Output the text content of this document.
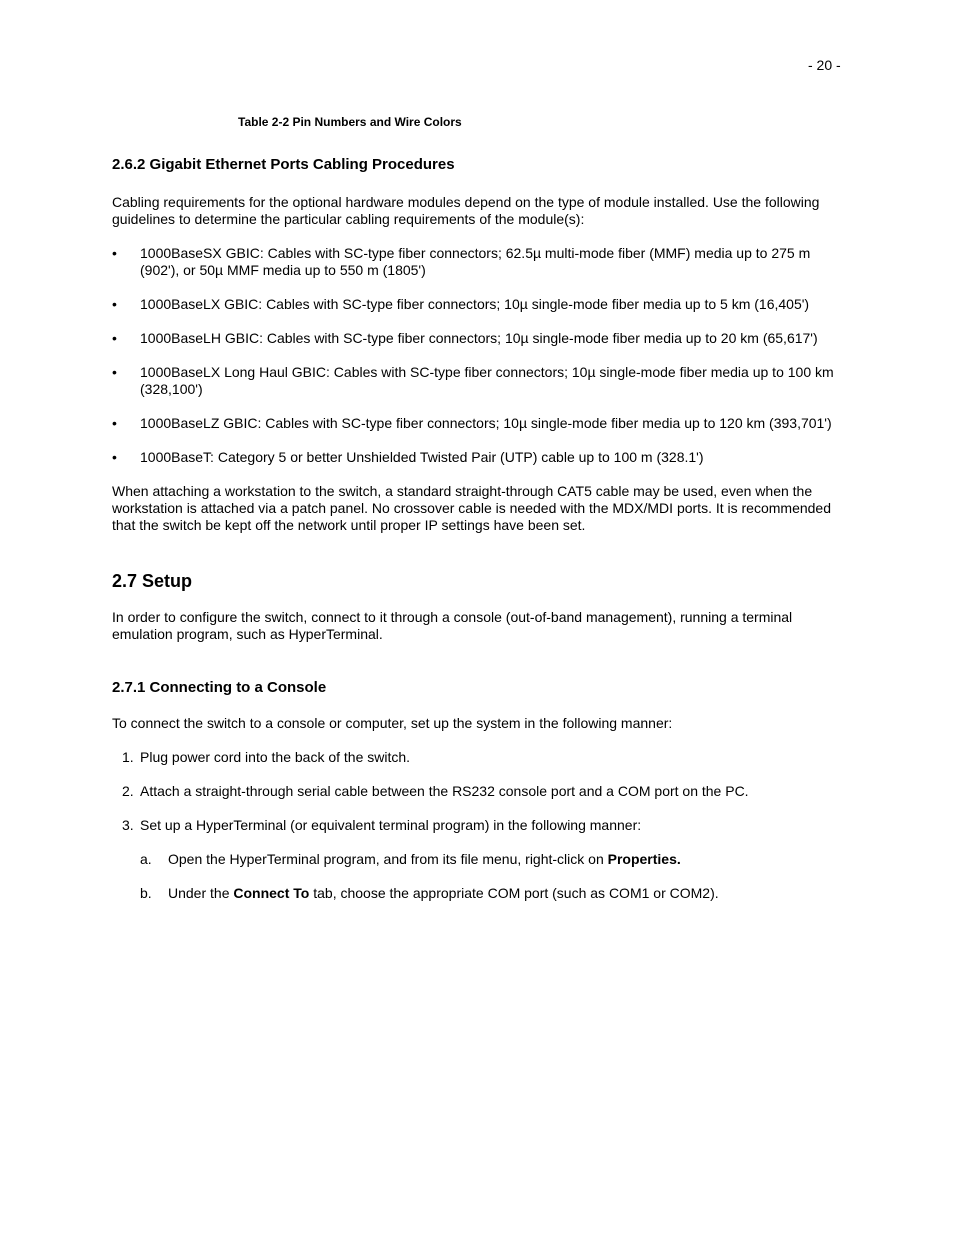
- 20 -
Table 2-2 Pin Numbers and Wire Colors
2.6.2 Gigabit Ethernet Ports Cabling Procedures

Cabling requirements for the optional hardware modules depend on the type of module installed. Use the following guidelines to determine the particular cabling requirements of the module(s):

• 1000BaseSX GBIC: Cables with SC-type fiber connectors; 62.5µ multi-mode fiber (MMF) media up to 275 m (902'), or 50µ MMF media up to 550 m (1805')
• 1000BaseLX GBIC: Cables with SC-type fiber connectors; 10µ single-mode fiber media up to 5 km (16,405')
• 1000BaseLH GBIC: Cables with SC-type fiber connectors; 10µ single-mode fiber media up to 20 km (65,617')
• 1000BaseLX Long Haul GBIC: Cables with SC-type fiber connectors; 10µ single-mode fiber media up to 100 km (328,100')
• 1000BaseLZ GBIC: Cables with SC-type fiber connectors; 10µ single-mode fiber media up to 120 km (393,701')
• 1000BaseT: Category 5 or better Unshielded Twisted Pair (UTP) cable up to 100 m (328.1')

When attaching a workstation to the switch, a standard straight-through CAT5 cable may be used, even when the workstation is attached via a patch panel. No crossover cable is needed with the MDX/MDI ports. It is recommended that the switch be kept off the network until proper IP settings have been set.

2.7 Setup

In order to configure the switch, connect to it through a console (out-of-band management), running a terminal emulation program, such as HyperTerminal.

2.7.1 Connecting to a Console

To connect the switch to a console or computer, set up the system in the following manner:

1. Plug power cord into the back of the switch.
2. Attach a straight-through serial cable between the RS232 console port and a COM port on the PC.
3. Set up a HyperTerminal (or equivalent terminal program) in the following manner:
a. Open the HyperTerminal program, and from its file menu, right-click on Properties.
b. Under the Connect To tab, choose the appropriate COM port (such as COM1 or COM2).
